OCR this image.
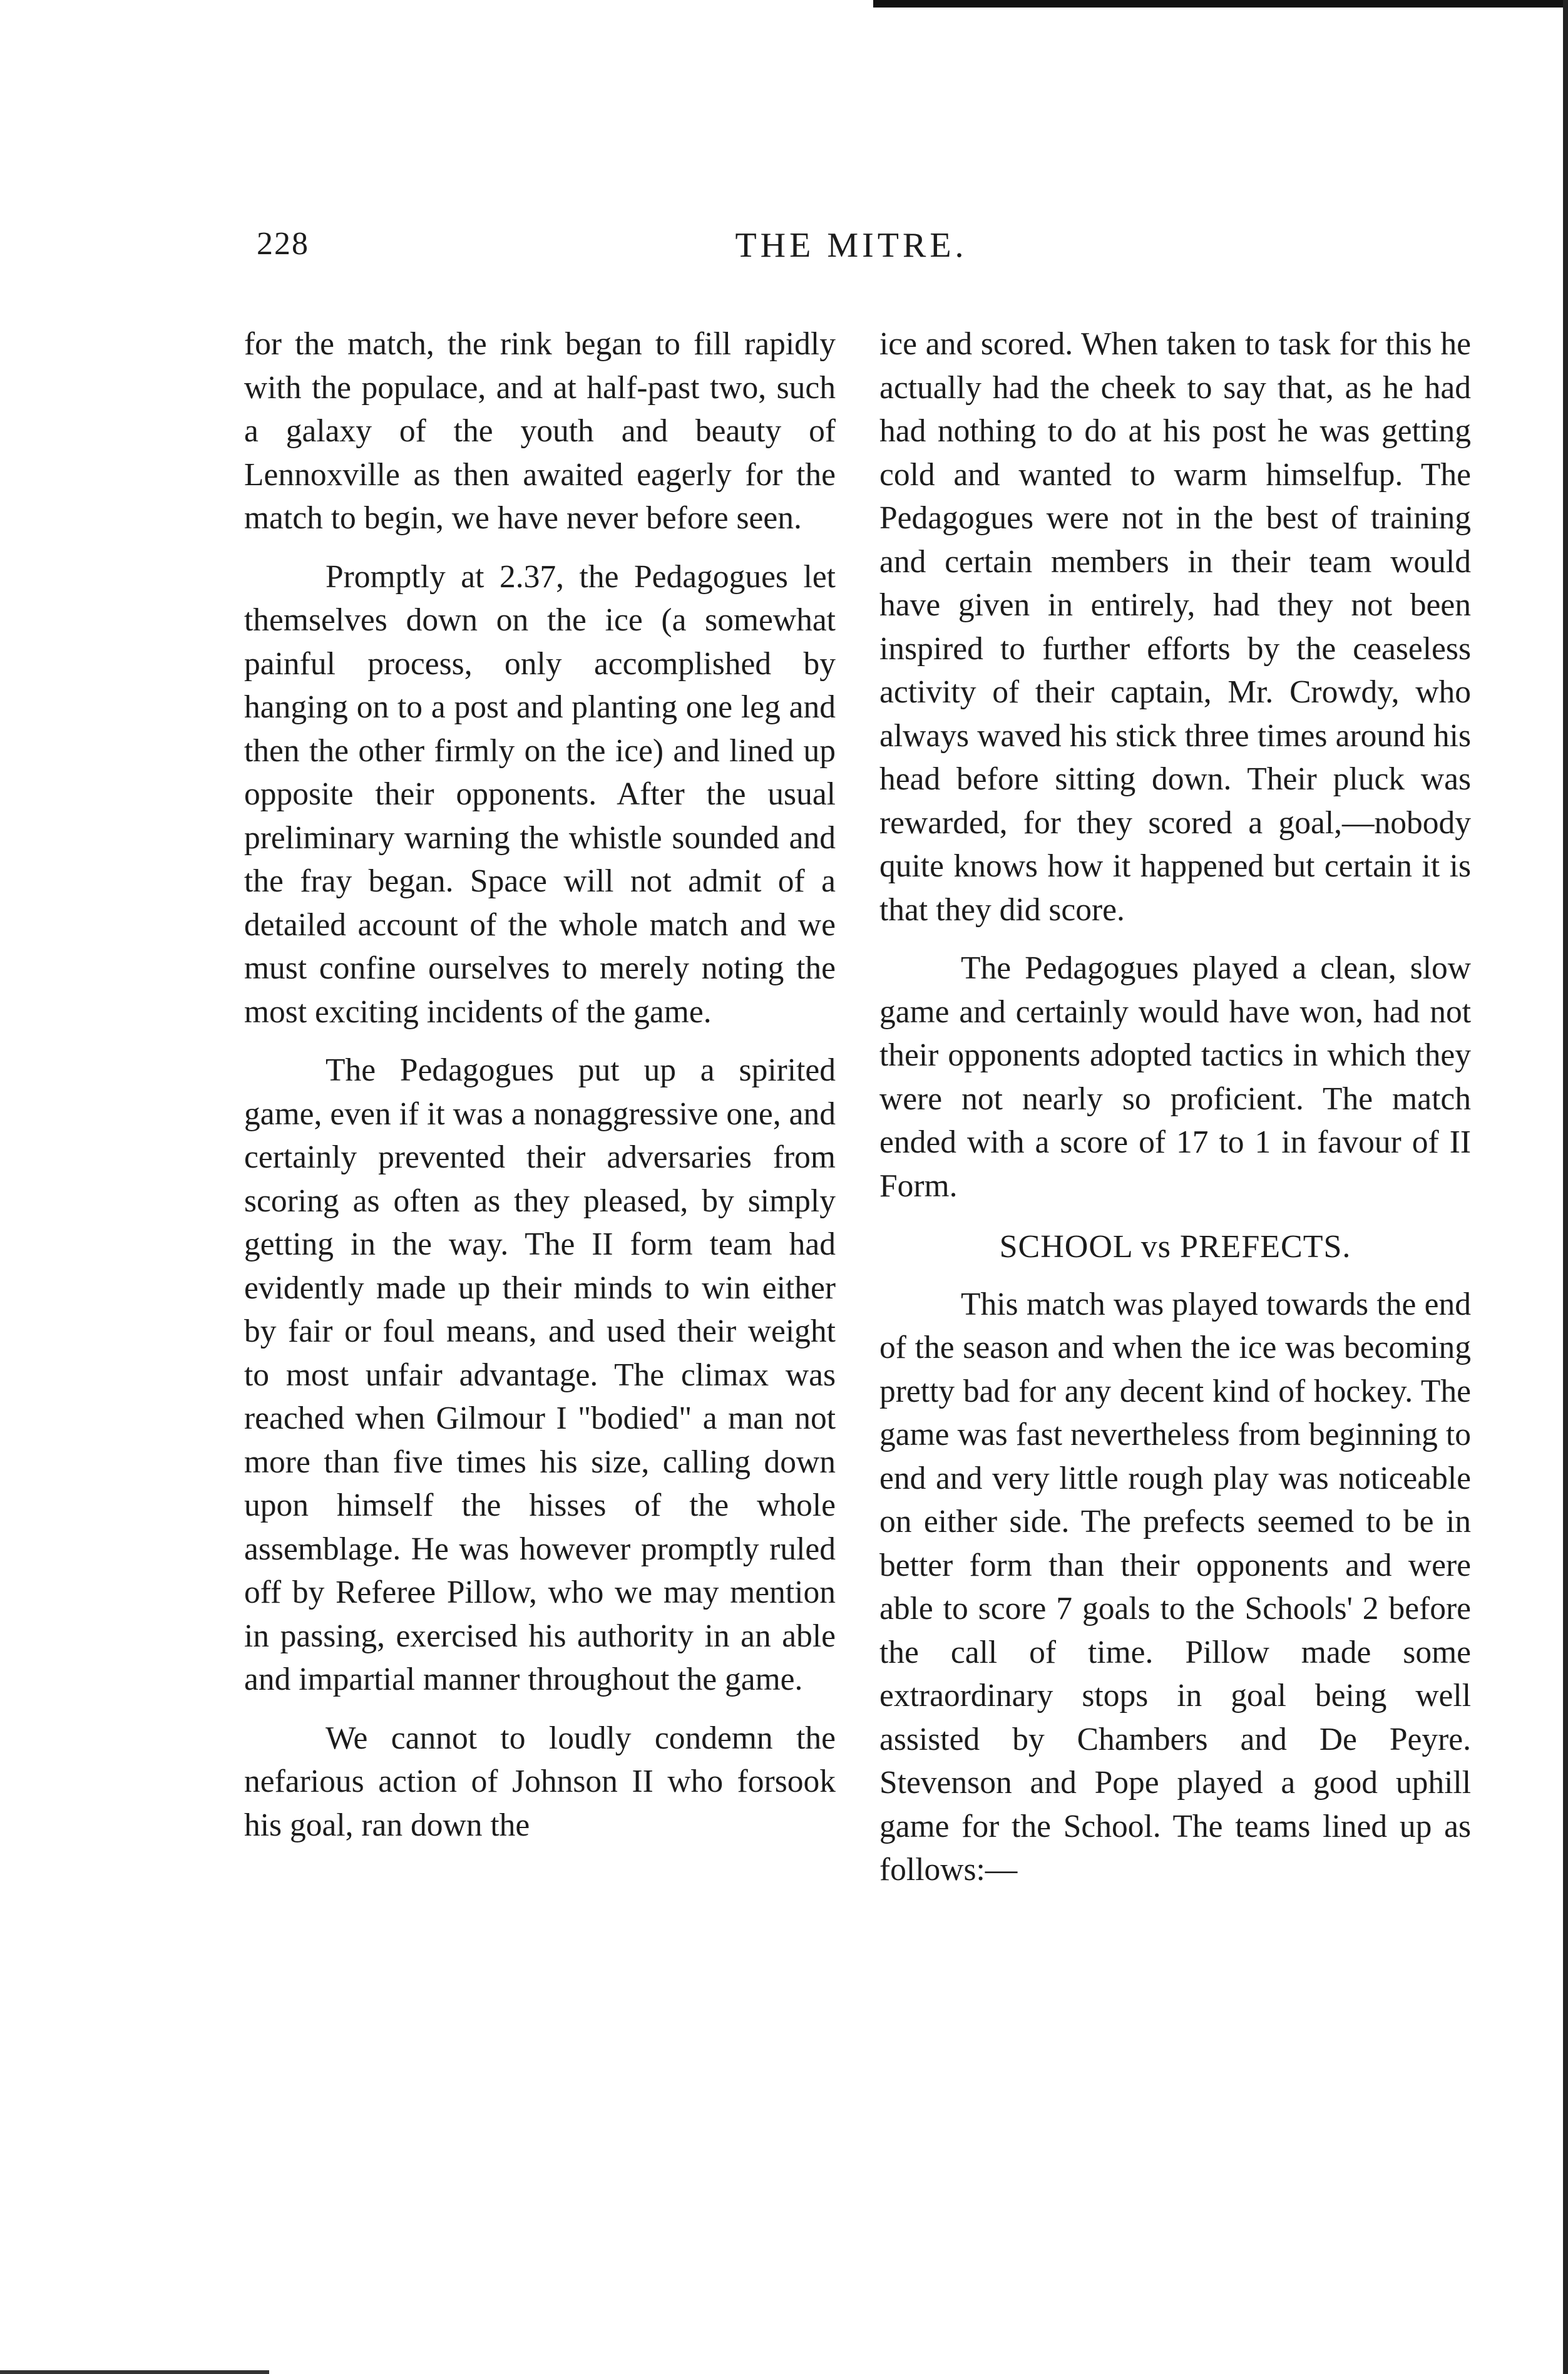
THE MITRE.
228

for the match, the rink began to fill rapidly with the populace, and at half-past two, such a galaxy of the youth and beauty of Lennoxville as then awaited eagerly for the match to begin, we have never before seen.

Promptly at 2.37, the Pedagogues let themselves down on the ice (a somewhat painful process, only accomplished by hanging on to a post and planting one leg and then the other firmly on the ice) and lined up opposite their opponents. After the usual preliminary warning the whistle sounded and the fray began. Space will not admit of a detailed account of the whole match and we must confine ourselves to merely noting the most exciting incidents of the game.

The Pedagogues put up a spirited game, even if it was a nonaggressive one, and certainly prevented their adversaries from scoring as often as they pleased, by simply getting in the way. The II form team had evidently made up their minds to win either by fair or foul means, and used their weight to most unfair advantage. The climax was reached when Gilmour I "bodied" a man not more than five times his size, calling down upon himself the hisses of the whole assemblage. He was however promptly ruled off by Referee Pillow, who we may mention in passing, exercised his authority in an able and impartial manner throughout the game.

We cannot to loudly condemn the nefarious action of Johnson II who forsook his goal, ran down the

ice and scored. When taken to task for this he actually had the cheek to say that, as he had had nothing to do at his post he was getting cold and wanted to warm himselfup. The Pedagogues were not in the best of training and certain members in their team would have given in entirely, had they not been inspired to further efforts by the ceaseless activity of their captain, Mr. Crowdy, who always waved his stick three times around his head before sitting down. Their pluck was rewarded, for they scored a goal,—nobody quite knows how it happened but certain it is that they did score.

The Pedagogues played a clean, slow game and certainly would have won, had not their opponents adopted tactics in which they were not nearly so proficient. The match ended with a score of 17 to 1 in favour of II Form.

SCHOOL vs PREFECTS.

This match was played towards the end of the season and when the ice was becoming pretty bad for any decent kind of hockey. The game was fast nevertheless from beginning to end and very little rough play was noticeable on either side. The prefects seemed to be in better form than their opponents and were able to score 7 goals to the Schools' 2 before the call of time. Pillow made some extraordinary stops in goal being well assisted by Chambers and De Peyre. Stevenson and Pope played a good uphill game for the School. The teams lined up as follows:—
